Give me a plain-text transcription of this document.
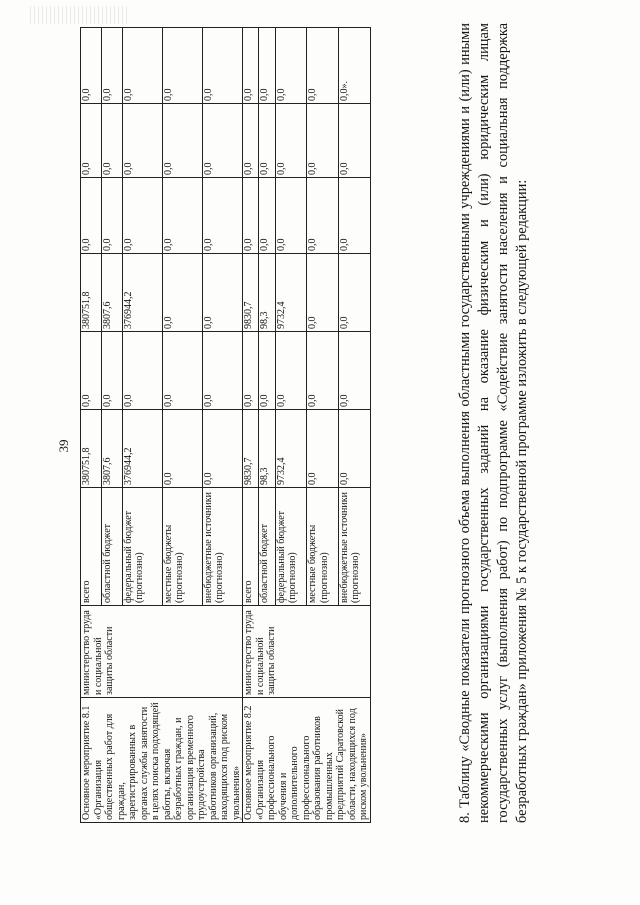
39
Основное мероприятие 8.1 «Организация общественных работ для граждан, зарегистрированных в органах службы занятости в целях поиска подходящей работы, включая безработных граждан, и организация временного трудоустройства работников организаций, находящихся под риском увольнения»	министерство труда и социальной защиты области	всего	380751,8	0,0	380751,8	0,0	0,0	0,0
		областной бюджет	3807,6	0,0	3807,6	0,0	0,0	0,0
		федеральный бюджет (прогнозно)	376944,2	0,0	376944,2	0,0	0,0	0,0
		местные бюджеты (прогнозно)	0,0	0,0	0,0	0,0	0,0	0,0
		внебюджетные источники (прогнозно)	0,0	0,0	0,0	0,0	0,0	0,0
Основное мероприятие 8.2 «Организация профессионального обучения и дополнительного профессионального образования работников промышленных предприятий Саратовской области, находящихся под риском увольнения»	министерство труда и социальной защиты области	всего	9830,7	0,0	9830,7	0,0	0,0	0,0
		областной бюджет	98,3	0,0	98,3	0,0	0,0	0,0
		федеральный бюджет (прогнозно)	9732,4	0,0	9732,4	0,0	0,0	0,0
		местные бюджеты (прогнозно)	0,0	0,0	0,0	0,0	0,0	0,0
		внебюджетные источники (прогнозно)	0,0	0,0	0,0	0,0	0,0	0,0».	8. Таблицу «Сводные показатели прогнозного объема выполнения областными государственными учреждениями и (или) иными некоммерческими организациями государственных заданий на оказание физическим и (или) юридическим лицам государственных услуг (выполнения работ) по подпрограмме «Содействие занятости населения и социальная поддержка безработных граждан» приложения № 5 к государственной программе изложить в следующей редакции:
